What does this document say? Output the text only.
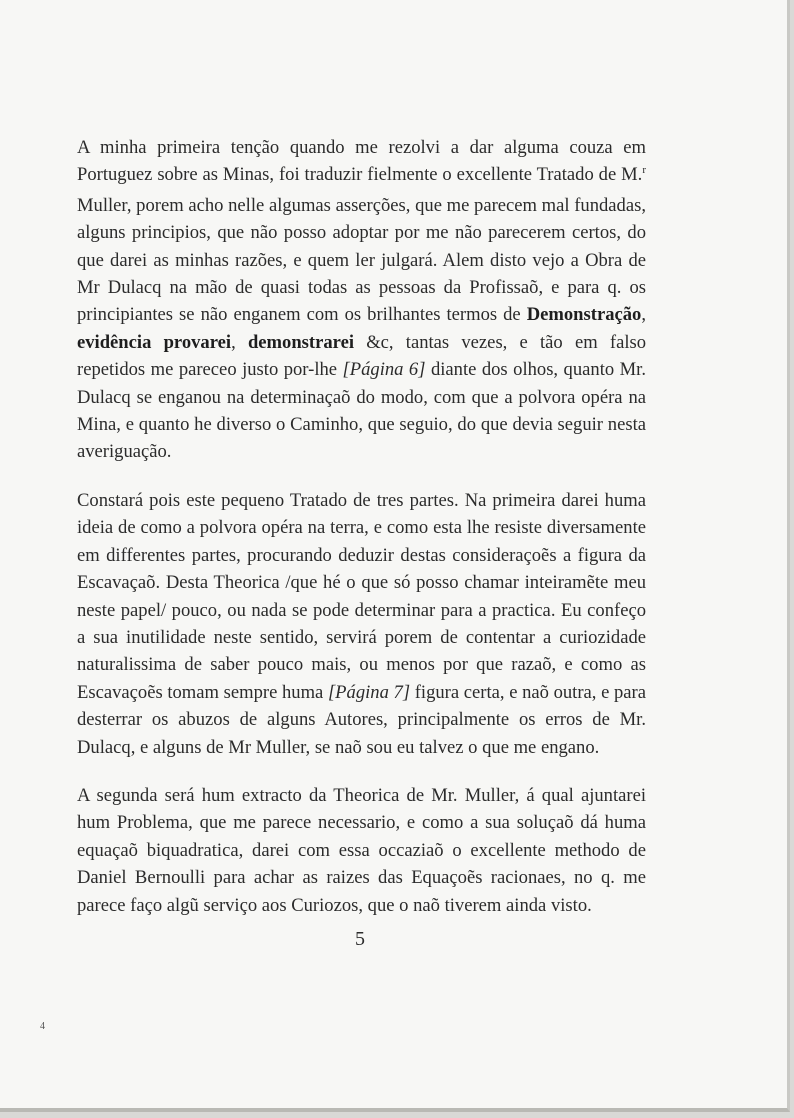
A minha primeira tenção quando me rezolvi a dar alguma couza em Portuguez sobre as Minas, foi traduzir fielmente o excellente Tratado de M.$^r$ Muller, porem acho nelle algumas asserções, que me parecem mal fundadas, alguns principios, que não posso adoptar por me não parecerem certos, do que darei as minhas razões, e quem ler julgará. Alem disto vejo a Obra de Mr Dulacq na mão de quasi todas as pessoas da Profissaõ, e para q. os principiantes se não enganem com os brilhantes termos de Demonstração, evidência provarei, demonstrarei &c, tantas vezes, e tão em falso repetidos me pareceo justo por-lhe [Página 6] diante dos olhos, quanto Mr. Dulacq se enganou na determinaçaõ do modo, com que a polvora opéra na Mina, e quanto he diverso o Caminho, que seguio, do que devia seguir nesta averiguação.

Constará pois este pequeno Tratado de tres partes. Na primeira darei huma ideia de como a polvora opéra na terra, e como esta lhe resiste diversamente em differentes partes, procurando deduzir destas consideraçoẽs a figura da Escavaçaõ. Desta Theorica /que hé o que só posso chamar inteiramẽte meu neste papel/ pouco, ou nada se pode determinar para a practica. Eu confeço a sua inutilidade neste sentido, servirá porem de contentar a curiozidade naturalissima de saber pouco mais, ou menos por que razaõ, e como as Escavaçoẽs tomam sempre huma [Página 7] figura certa, e naõ outra, e para desterrar os abuzos de alguns Autores, principalmente os erros de Mr. Dulacq, e alguns de Mr Muller, se naõ sou eu talvez o que me engano.

A segunda será hum extracto da Theorica de Mr. Muller, á qual ajuntarei hum Problema, que me parece necessario, e como a sua soluçaõ dá huma equaçaõ biquadratica, darei com essa occaziaõ o excellente methodo de Daniel Bernoulli para achar as raizes das Equaçoẽs racionaes, no q. me parece faço algũ serviço aos Curiozos, que o naõ tiverem ainda visto.

5
4
